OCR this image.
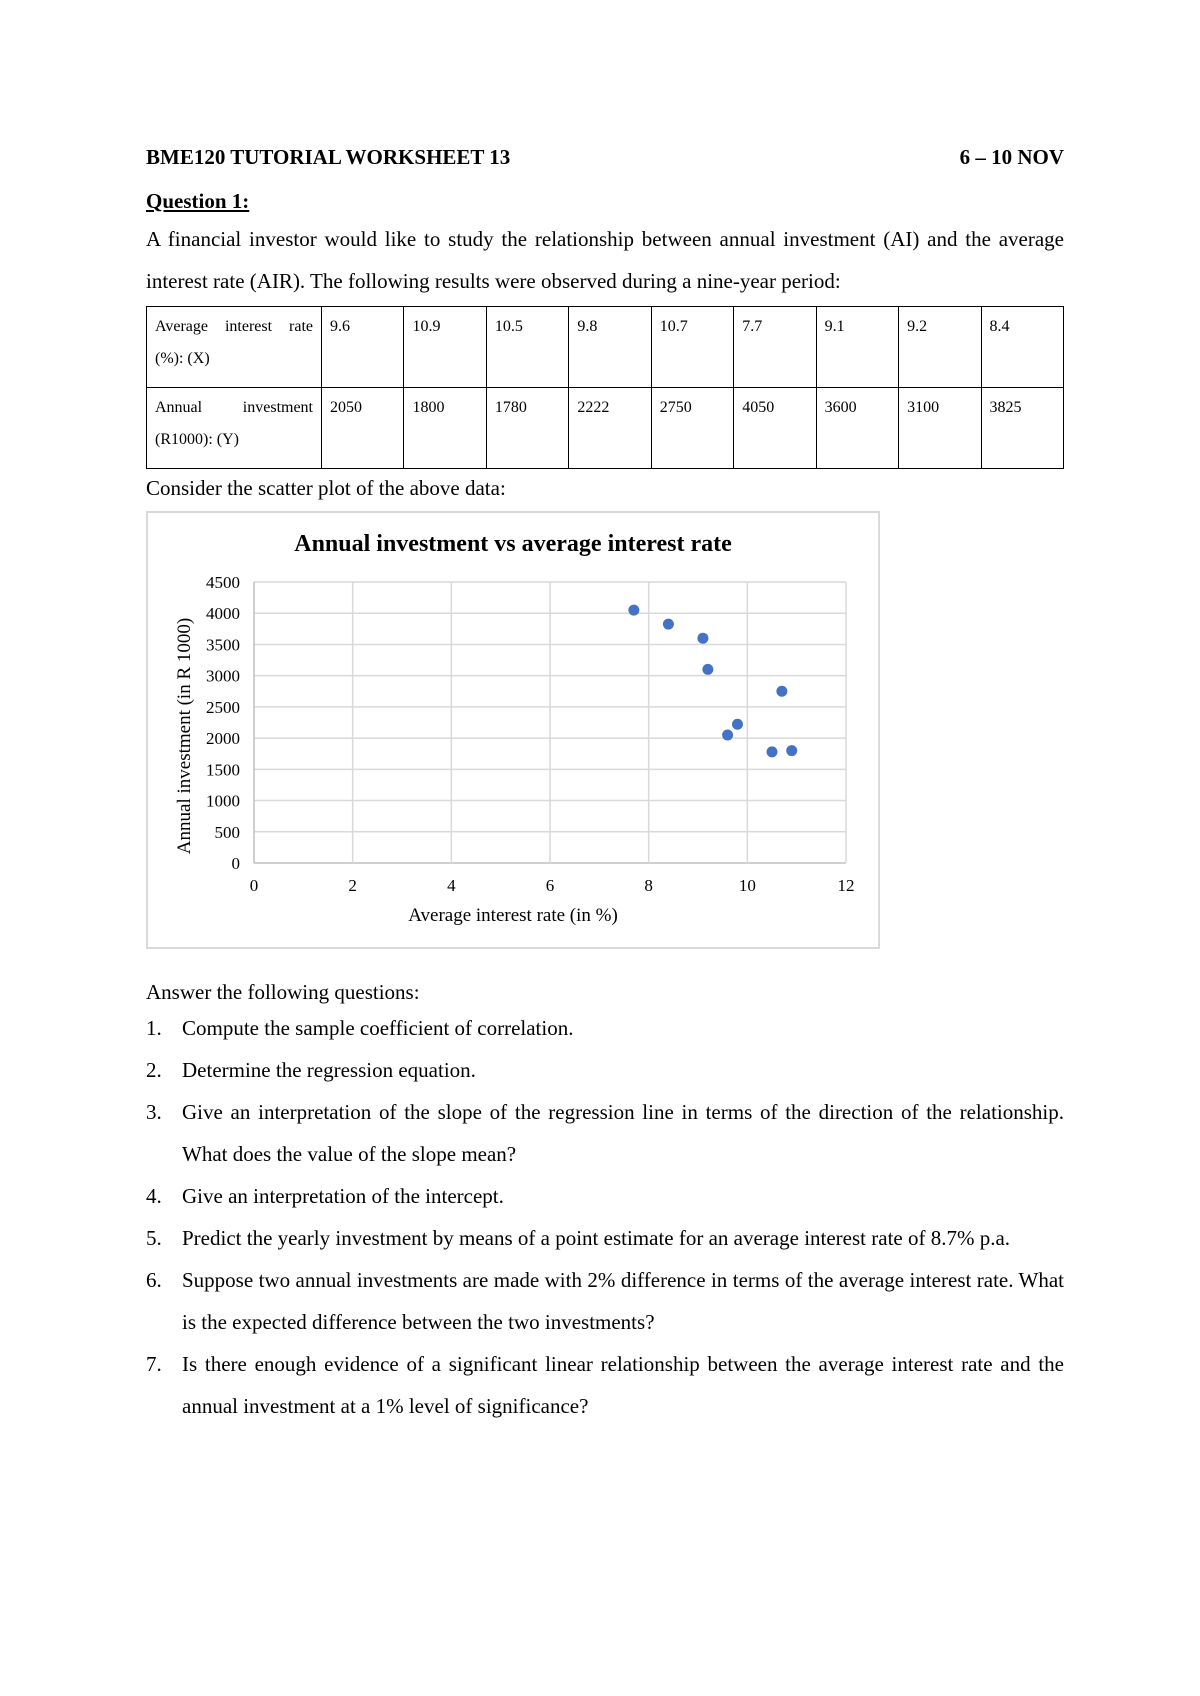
BME120 TUTORIAL WORKSHEET 13	6 – 10 NOV
Question 1:
A financial investor would like to study the relationship between annual investment (AI) and the average interest rate (AIR). The following results were observed during a nine-year period:
Average interest rate (%): (X)	9.6	10.9	10.5	9.8	10.7	7.7	9.1	9.2	8.4
Annual investment (R1000): (Y)	2050	1800	1780	2222	2750	4050	3600	3100	3825
Consider the scatter plot of the above data:
0
500
1000
1500
2000
2500
3000
3500
4000
4500
0	2	4	6	8	10	12
Annual investment vs average interest rate
Average interest rate (in %)
Annual investment (in R 1000)
Answer the following questions:
1. Compute the sample coefficient of correlation.
2. Determine the regression equation.
3. Give an interpretation of the slope of the regression line in terms of the direction of the relationship. What does the value of the slope mean?
4. Give an interpretation of the intercept.
5. Predict the yearly investment by means of a point estimate for an average interest rate of 8.7% p.a.
6. Suppose two annual investments are made with 2% difference in terms of the average interest rate. What is the expected difference between the two investments?
7. Is there enough evidence of a significant linear relationship between the average interest rate and the annual investment at a 1% level of significance?
